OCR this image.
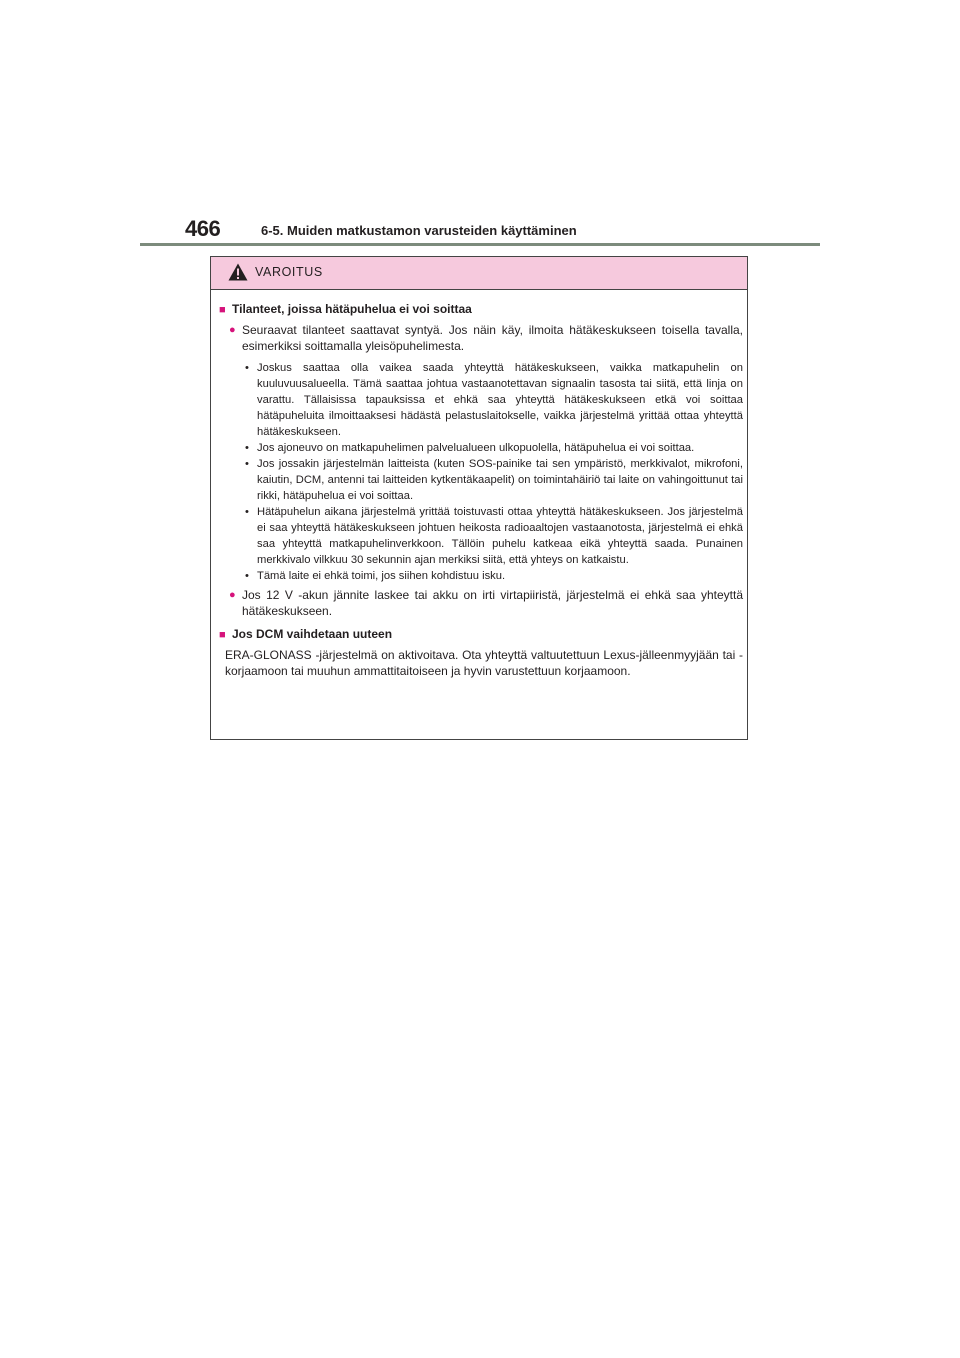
466	6-5. Muiden matkustamon varusteiden käyttäminen
VAROITUS
■ Tilanteet, joissa hätäpuhelua ei voi soittaa
● Seuraavat tilanteet saattavat syntyä. Jos näin käy, ilmoita hätäkeskukseen toisella tavalla, esimerkiksi soittamalla yleisöpuhelimesta.
• Joskus saattaa olla vaikea saada yhteyttä hätäkeskukseen, vaikka matkapuhelin on kuuluvuusalueella. Tämä saattaa johtua vastaanotettavan signaalin tasosta tai siitä, että linja on varattu. Tällaisissa tapauksissa et ehkä saa yhteyttä hätäkeskukseen etkä voi soittaa hätäpuheluita ilmoittaaksesi hädästä pelastuslaitokselle, vaikka järjestelmä yrittää ottaa yhteyttä hätäkeskukseen.
• Jos ajoneuvo on matkapuhelimen palvelualueen ulkopuolella, hätäpuhelua ei voi soittaa.
• Jos jossakin järjestelmän laitteista (kuten SOS-painike tai sen ympäristö, merkkivalot, mikrofoni, kaiutin, DCM, antenni tai laitteiden kytkentäkaapelit) on toimintahäiriö tai laite on vahingoittunut tai rikki, hätäpuhelua ei voi soittaa.
• Hätäpuhelun aikana järjestelmä yrittää toistuvasti ottaa yhteyttä hätäkeskukseen. Jos järjestelmä ei saa yhteyttä hätäkeskukseen johtuen heikosta radioaaltojen vastaanotosta, järjestelmä ei ehkä saa yhteyttä matkapuhelinverkkoon. Tällöin puhelu katkeaa eikä yhteyttä saada. Punainen merkkivalo vilkkuu 30 sekunnin ajan merkiksi siitä, että yhteys on katkaistu.
• Tämä laite ei ehkä toimi, jos siihen kohdistuu isku.
● Jos 12 V -akun jännite laskee tai akku on irti virtapiiristä, järjestelmä ei ehkä saa yhteyttä hätäkeskukseen.
■ Jos DCM vaihdetaan uuteen
ERA-GLONASS -järjestelmä on aktivoitava. Ota yhteyttä valtuutettuun Lexus-jälleenmyyjään tai -korjaamoon tai muuhun ammattitaitoiseen ja hyvin varustettuun korjaamoon.
